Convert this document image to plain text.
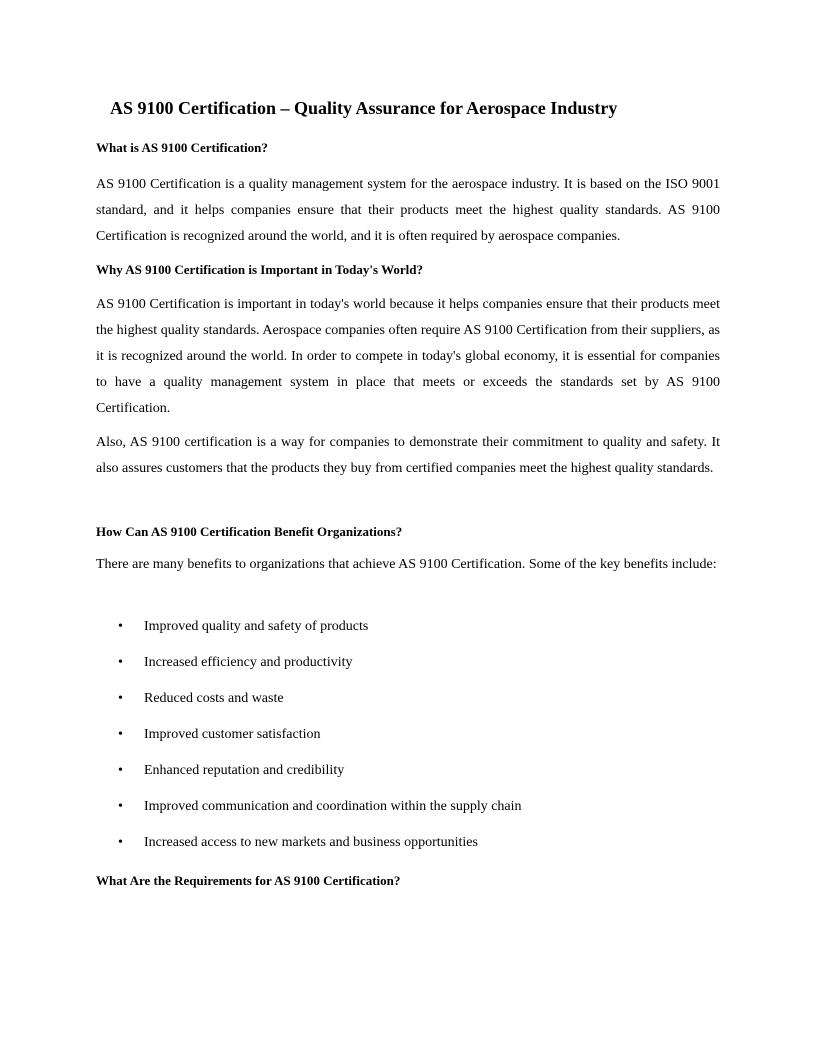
AS 9100 Certification – Quality Assurance for Aerospace Industry
What is AS 9100 Certification?

AS 9100 Certification is a quality management system for the aerospace industry. It is based on the ISO 9001 standard, and it helps companies ensure that their products meet the highest quality standards. AS 9100 Certification is recognized around the world, and it is often required by aerospace companies.

Why AS 9100 Certification is Important in Today's World?

AS 9100 Certification is important in today's world because it helps companies ensure that their products meet the highest quality standards. Aerospace companies often require AS 9100 Certification from their suppliers, as it is recognized around the world. In order to compete in today's global economy, it is essential for companies to have a quality management system in place that meets or exceeds the standards set by AS 9100 Certification.

Also, AS 9100 certification is a way for companies to demonstrate their commitment to quality and safety. It also assures customers that the products they buy from certified companies meet the highest quality standards.

How Can AS 9100 Certification Benefit Organizations?

There are many benefits to organizations that achieve AS 9100 Certification. Some of the key benefits include:

• Improved quality and safety of products
• Increased efficiency and productivity
• Reduced costs and waste
• Improved customer satisfaction
• Enhanced reputation and credibility
• Improved communication and coordination within the supply chain
• Increased access to new markets and business opportunities
What Are the Requirements for AS 9100 Certification?
